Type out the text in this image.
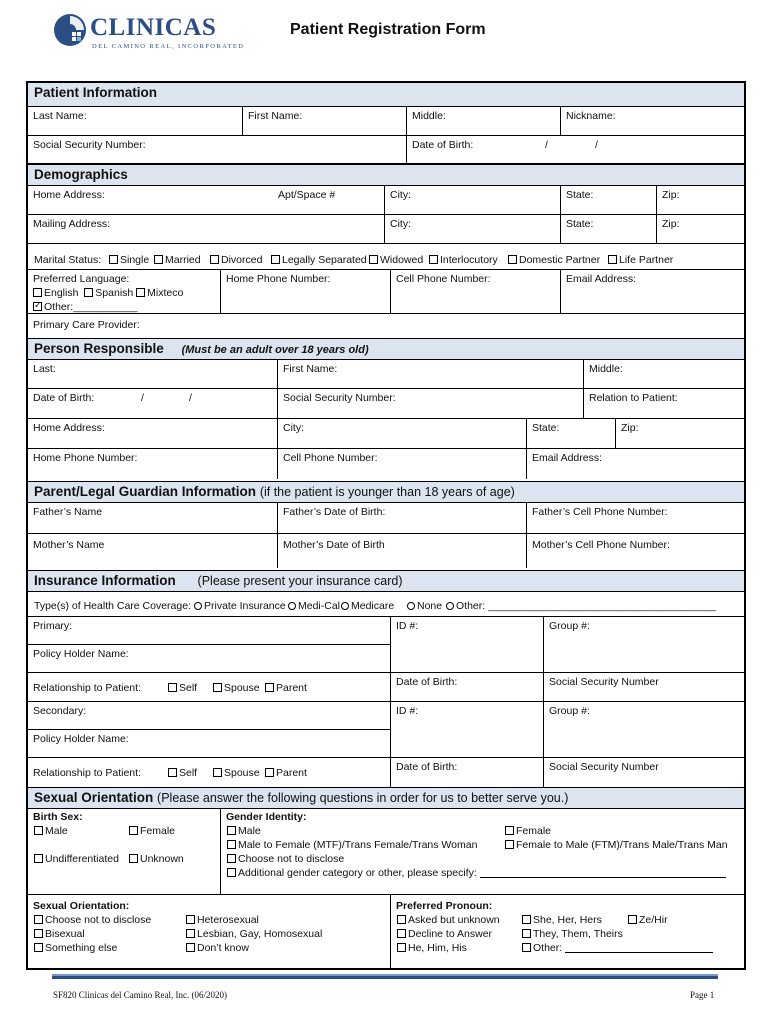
CLINICAS
DEL CAMINO REAL, INCORPORATED
Patient Registration Form
Patient Information
Last Name:	First Name:	Middle:	Nickname:
Social Security Number:	Date of Birth:	/	/
Demographics
Home Address:	Apt/Space #	City:	State:	Zip:
Mailing Address:	City:	State:	Zip:
Marital Status:	Single	Married	Divorced	Legally Separated	Widowed	Interlocutory	Domestic Partner	Life Partner
Preferred Language:
English Spanish Mixteco
✓Other:___________
Home Phone Number:	Cell Phone Number:	Email Address:
Primary Care Provider:
Person Responsible (Must be an adult over 18 years old)
Last:	First Name:	Middle:
Date of Birth:	/	/	Social Security Number:	Relation to Patient:
Home Address:	City:	State:	Zip:
Home Phone Number:	Cell Phone Number:	Email Address:
Parent/Legal Guardian Information (if the patient is younger than 18 years of age)
Father’s Name	Father’s Date of Birth:	Father’s Cell Phone Number:
Mother’s Name	Mother’s Date of Birth	Mother’s Cell Phone Number:
Insurance Information (Please present your insurance card)
Type(s) of Health Care Coverage:	Private Insurance	Medi-Cal	Medicare	None	Other: _______________________________________
Primary:	ID #:	Group #:
Policy Holder Name:
Relationship to Patient:	Self	Spouse	Parent	Date of Birth:	Social Security Number
Secondary:	ID #:	Group #:
Policy Holder Name:
Relationship to Patient:	Self	Spouse	Parent	Date of Birth:	Social Security Number
Sexual Orientation (Please answer the following questions in order for us to better serve you.)
Birth Sex:
Male	Female
Undifferentiated	Unknown
Gender Identity:
Male	Female
Male to Female (MTF)/Trans Female/Trans Woman	Female to Male (FTM)/Trans Male/Trans Man
Choose not to disclose
Additional gender category or other, please specify:
Sexual Orientation:
Choose not to disclose	Heterosexual
Bisexual	Lesbian, Gay, Homosexual
Something else	Don’t know
Preferred Pronoun:
Asked but unknown	She, Her, Hers	Ze/Hir
Decline to Answer	They, Them, Theirs
He, Him, His	Other:
SF820 Clinicas del Camino Real, Inc. (06/2020)	Page 1
